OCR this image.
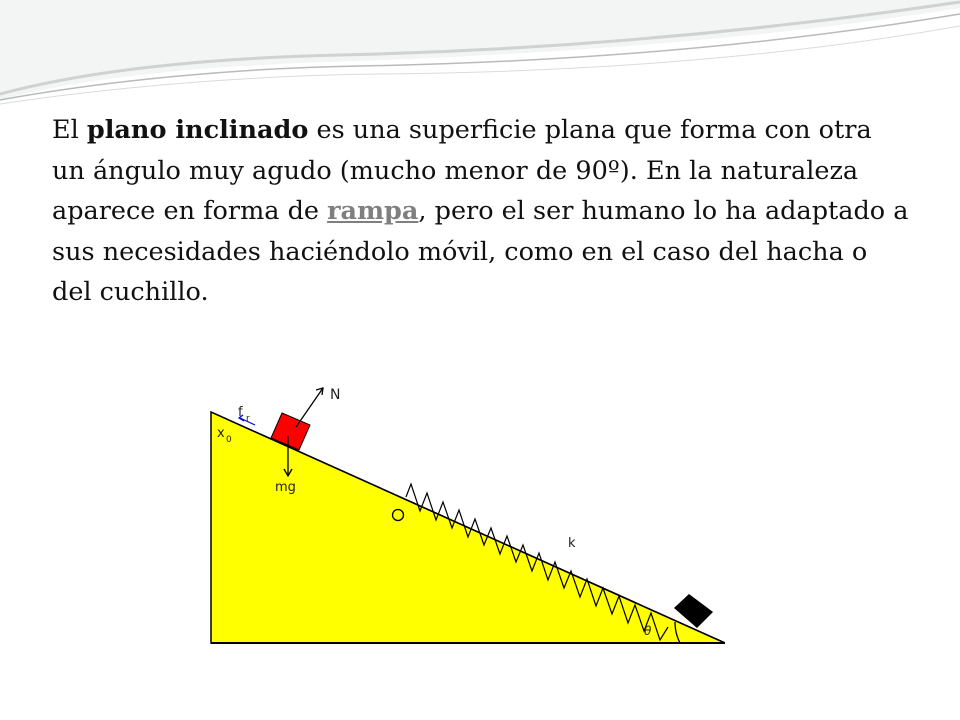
El plano inclinado es una superficie plana que forma con otra un ángulo muy agudo (mucho menor de 90º). En la naturaleza aparece en forma de rampa, pero el ser humano lo ha adaptado a sus necesidades haciéndolo móvil, como en el caso del hacha o del cuchillo.
N
f r
x 0
mg
k
θ
